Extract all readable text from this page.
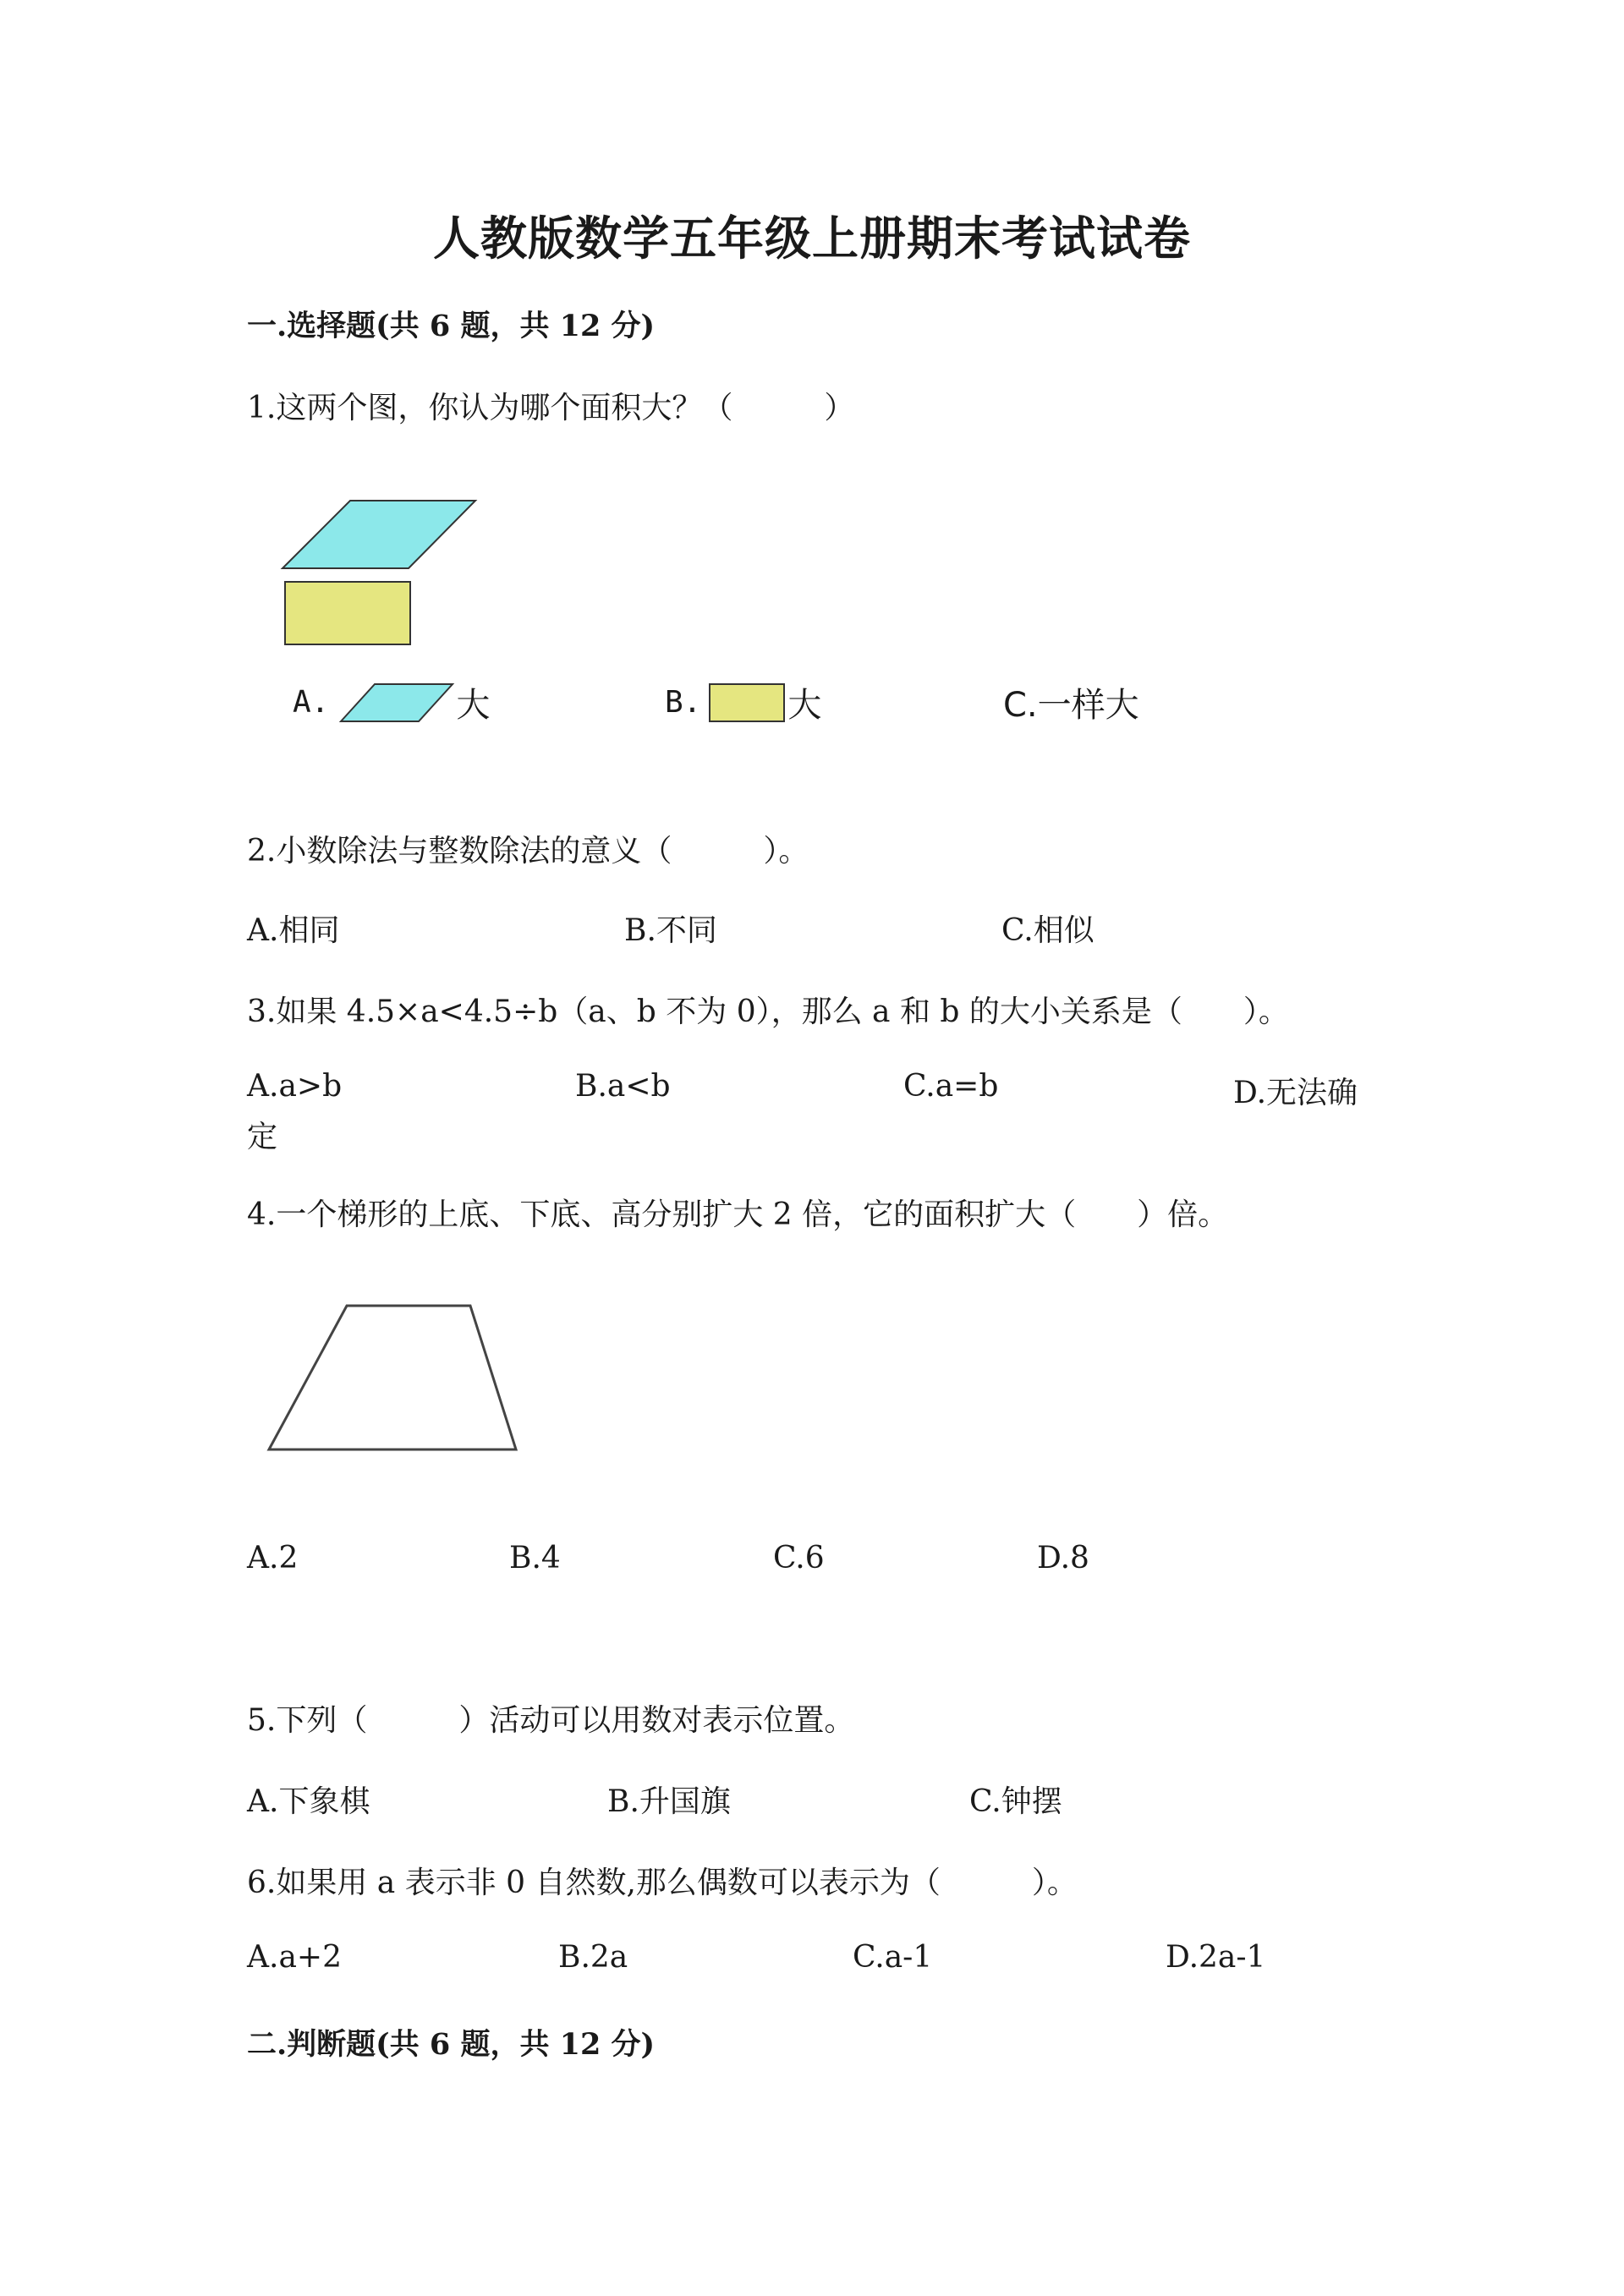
人教版数学五年级上册期末考试试卷
一.选择题(共 6 题，共 12 分)
1.这两个图，你认为哪个面积大？（　　　）
A.	大	B.	大	C.一样大
2.小数除法与整数除法的意义（　　　）。
A.相同	B.不同	C.相似
3.如果 4.5×a<4.5÷b（a、b 不为 0），那么 a 和 b 的大小关系是（　　）。
A.a>b	B.a<b	C.a=b	D.无法确
定
4.一个梯形的上底、下底、高分别扩大 2 倍，它的面积扩大（　　）倍。
A.2	B.4	C.6	D.8
5.下列（　　　）活动可以用数对表示位置。
A.下象棋	B.升国旗	C.钟摆
6.如果用 a 表示非 0 自然数,那么偶数可以表示为（　　　）。
A.a+2	B.2a	C.a-1	D.2a-1
二.判断题(共 6 题，共 12 分)
